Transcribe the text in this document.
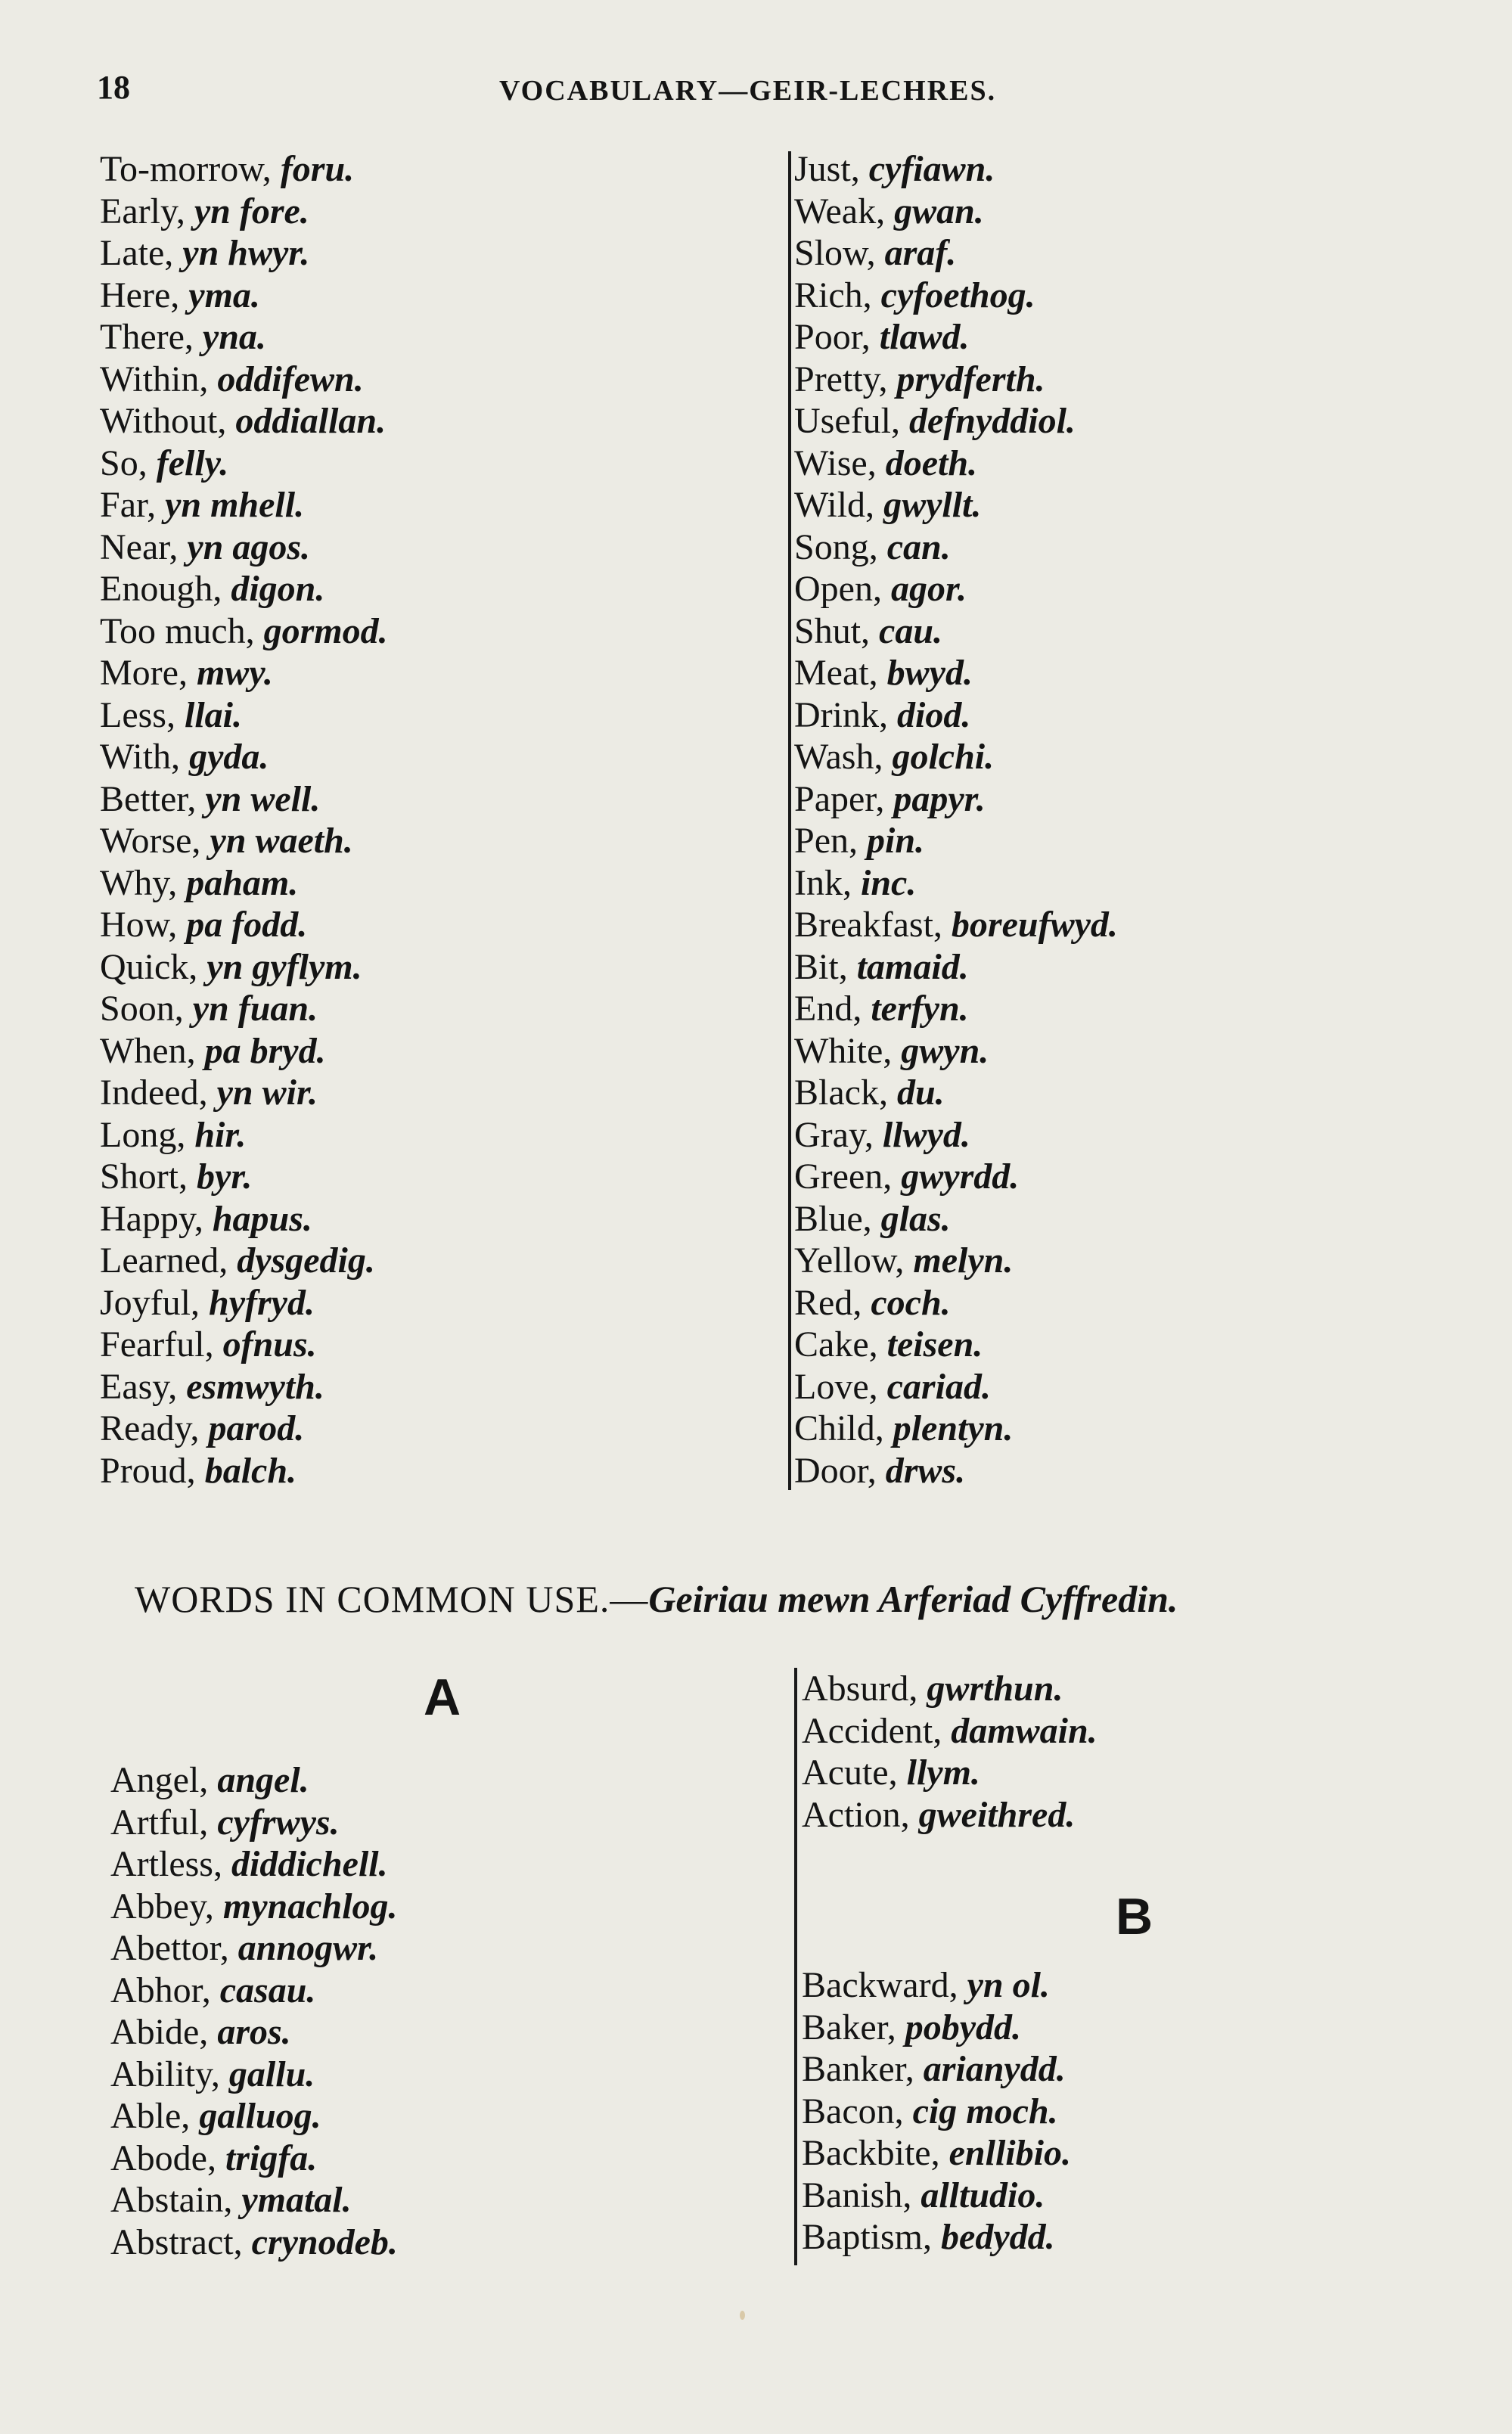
18	VOCABULARY—GEIR-LECHRES.
To-morrow, foru.
Early, yn fore.
Late, yn hwyr.
Here, yma.
There, yna.
Within, oddifewn.
Without, oddiallan.
So, felly.
Far, yn mhell.
Near, yn agos.
Enough, digon.
Too much, gormod.
More, mwy.
Less, llai.
With, gyda.
Better, yn well.
Worse, yn waeth.
Why, paham.
How, pa fodd.
Quick, yn gyflym.
Soon, yn fuan.
When, pa bryd.
Indeed, yn wir.
Long, hir.
Short, byr.
Happy, hapus.
Learned, dysgedig.
Joyful, hyfryd.
Fearful, ofnus.
Easy, esmwyth.
Ready, parod.
Proud, balch.
Just, cyfiawn.
Weak, gwan.
Slow, araf.
Rich, cyfoethog.
Poor, tlawd.
Pretty, prydferth.
Useful, defnyddiol.
Wise, doeth.
Wild, gwyllt.
Song, can.
Open, agor.
Shut, cau.
Meat, bwyd.
Drink, diod.
Wash, golchi.
Paper, papyr.
Pen, pin.
Ink, inc.
Breakfast, boreufwyd.
Bit, tamaid.
End, terfyn.
White, gwyn.
Black, du.
Gray, llwyd.
Green, gwyrdd.
Blue, glas.
Yellow, melyn.
Red, coch.
Cake, teisen.
Love, cariad.
Child, plentyn.
Door, drws.
WORDS IN COMMON USE.—Geiriau mewn Arferiad Cyffredin.
A
Angel, angel.
Artful, cyfrwys.
Artless, diddichell.
Abbey, mynachlog.
Abettor, annogwr.
Abhor, casau.
Abide, aros.
Ability, gallu.
Able, galluog.
Abode, trigfa.
Abstain, ymatal.
Abstract, crynodeb.
Absurd, gwrthun.
Accident, damwain.
Acute, llym.
Action, gweithred.
B
Backward, yn ol.
Baker, pobydd.
Banker, arianydd.
Bacon, cig moch.
Backbite, enllibio.
Banish, alltudio.
Baptism, bedydd.
